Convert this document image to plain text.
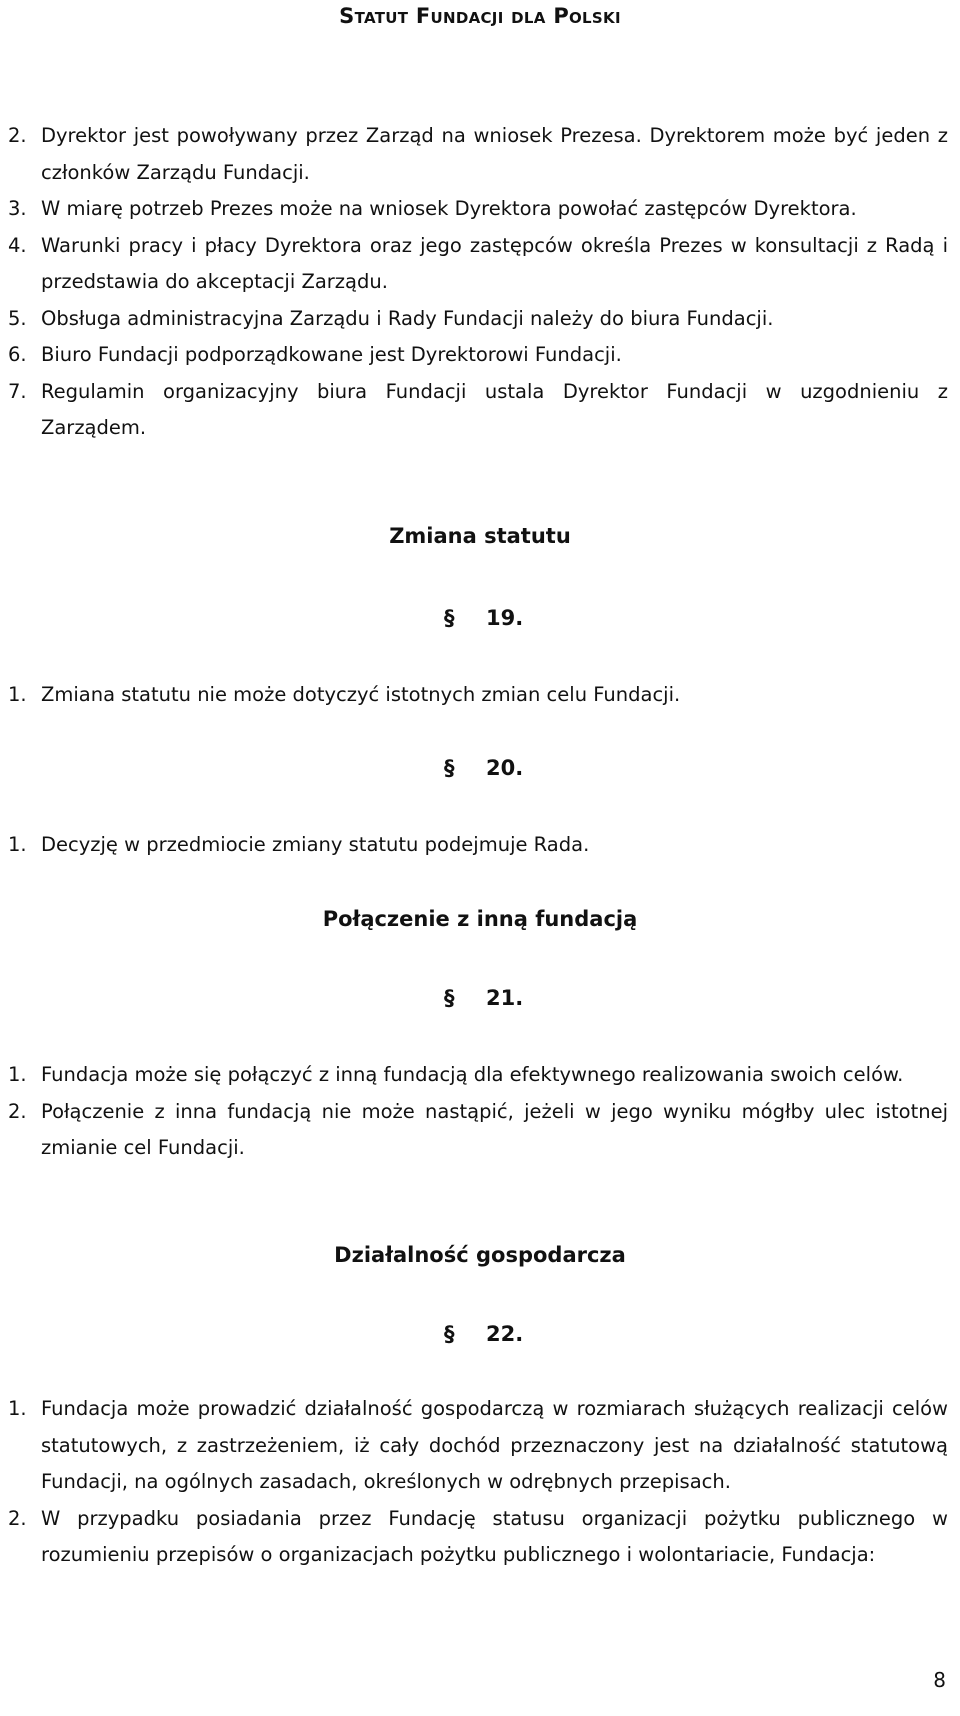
Statut Fundacji dla Polski
2. Dyrektor jest powoływany przez Zarząd na wniosek Prezesa. Dyrektorem może być jeden z członków Zarządu Fundacji.
3. W miarę potrzeb Prezes może na wniosek Dyrektora powołać zastępców Dyrektora.
4. Warunki pracy i płacy Dyrektora oraz jego zastępców określa Prezes w konsultacji z Radą i przedstawia do akceptacji Zarządu.
5. Obsługa administracyjna Zarządu i Rady Fundacji należy do biura Fundacji.
6. Biuro Fundacji podporządkowane jest Dyrektorowi Fundacji.
7. Regulamin organizacyjny biura Fundacji ustala Dyrektor Fundacji w uzgodnieniu z Zarządem.
Zmiana statutu
§ 19.
1. Zmiana statutu nie może dotyczyć istotnych zmian celu Fundacji.
§ 20.
1. Decyzję w przedmiocie zmiany statutu podejmuje Rada.
Połączenie z inną fundacją
§ 21.
1. Fundacja może się połączyć z inną fundacją dla efektywnego realizowania swoich celów.
2. Połączenie z inna fundacją nie może nastąpić, jeżeli w jego wyniku mógłby ulec istotnej zmianie cel Fundacji.
Działalność gospodarcza
§ 22.
1. Fundacja może prowadzić działalność gospodarczą w rozmiarach służących realizacji celów statutowych, z zastrzeżeniem, iż cały dochód przeznaczony jest na działalność statutową Fundacji, na ogólnych zasadach, określonych w odrębnych przepisach.
2. W przypadku posiadania przez Fundację statusu organizacji pożytku publicznego w rozumieniu przepisów o organizacjach pożytku publicznego i wolontariacie, Fundacja:
8
